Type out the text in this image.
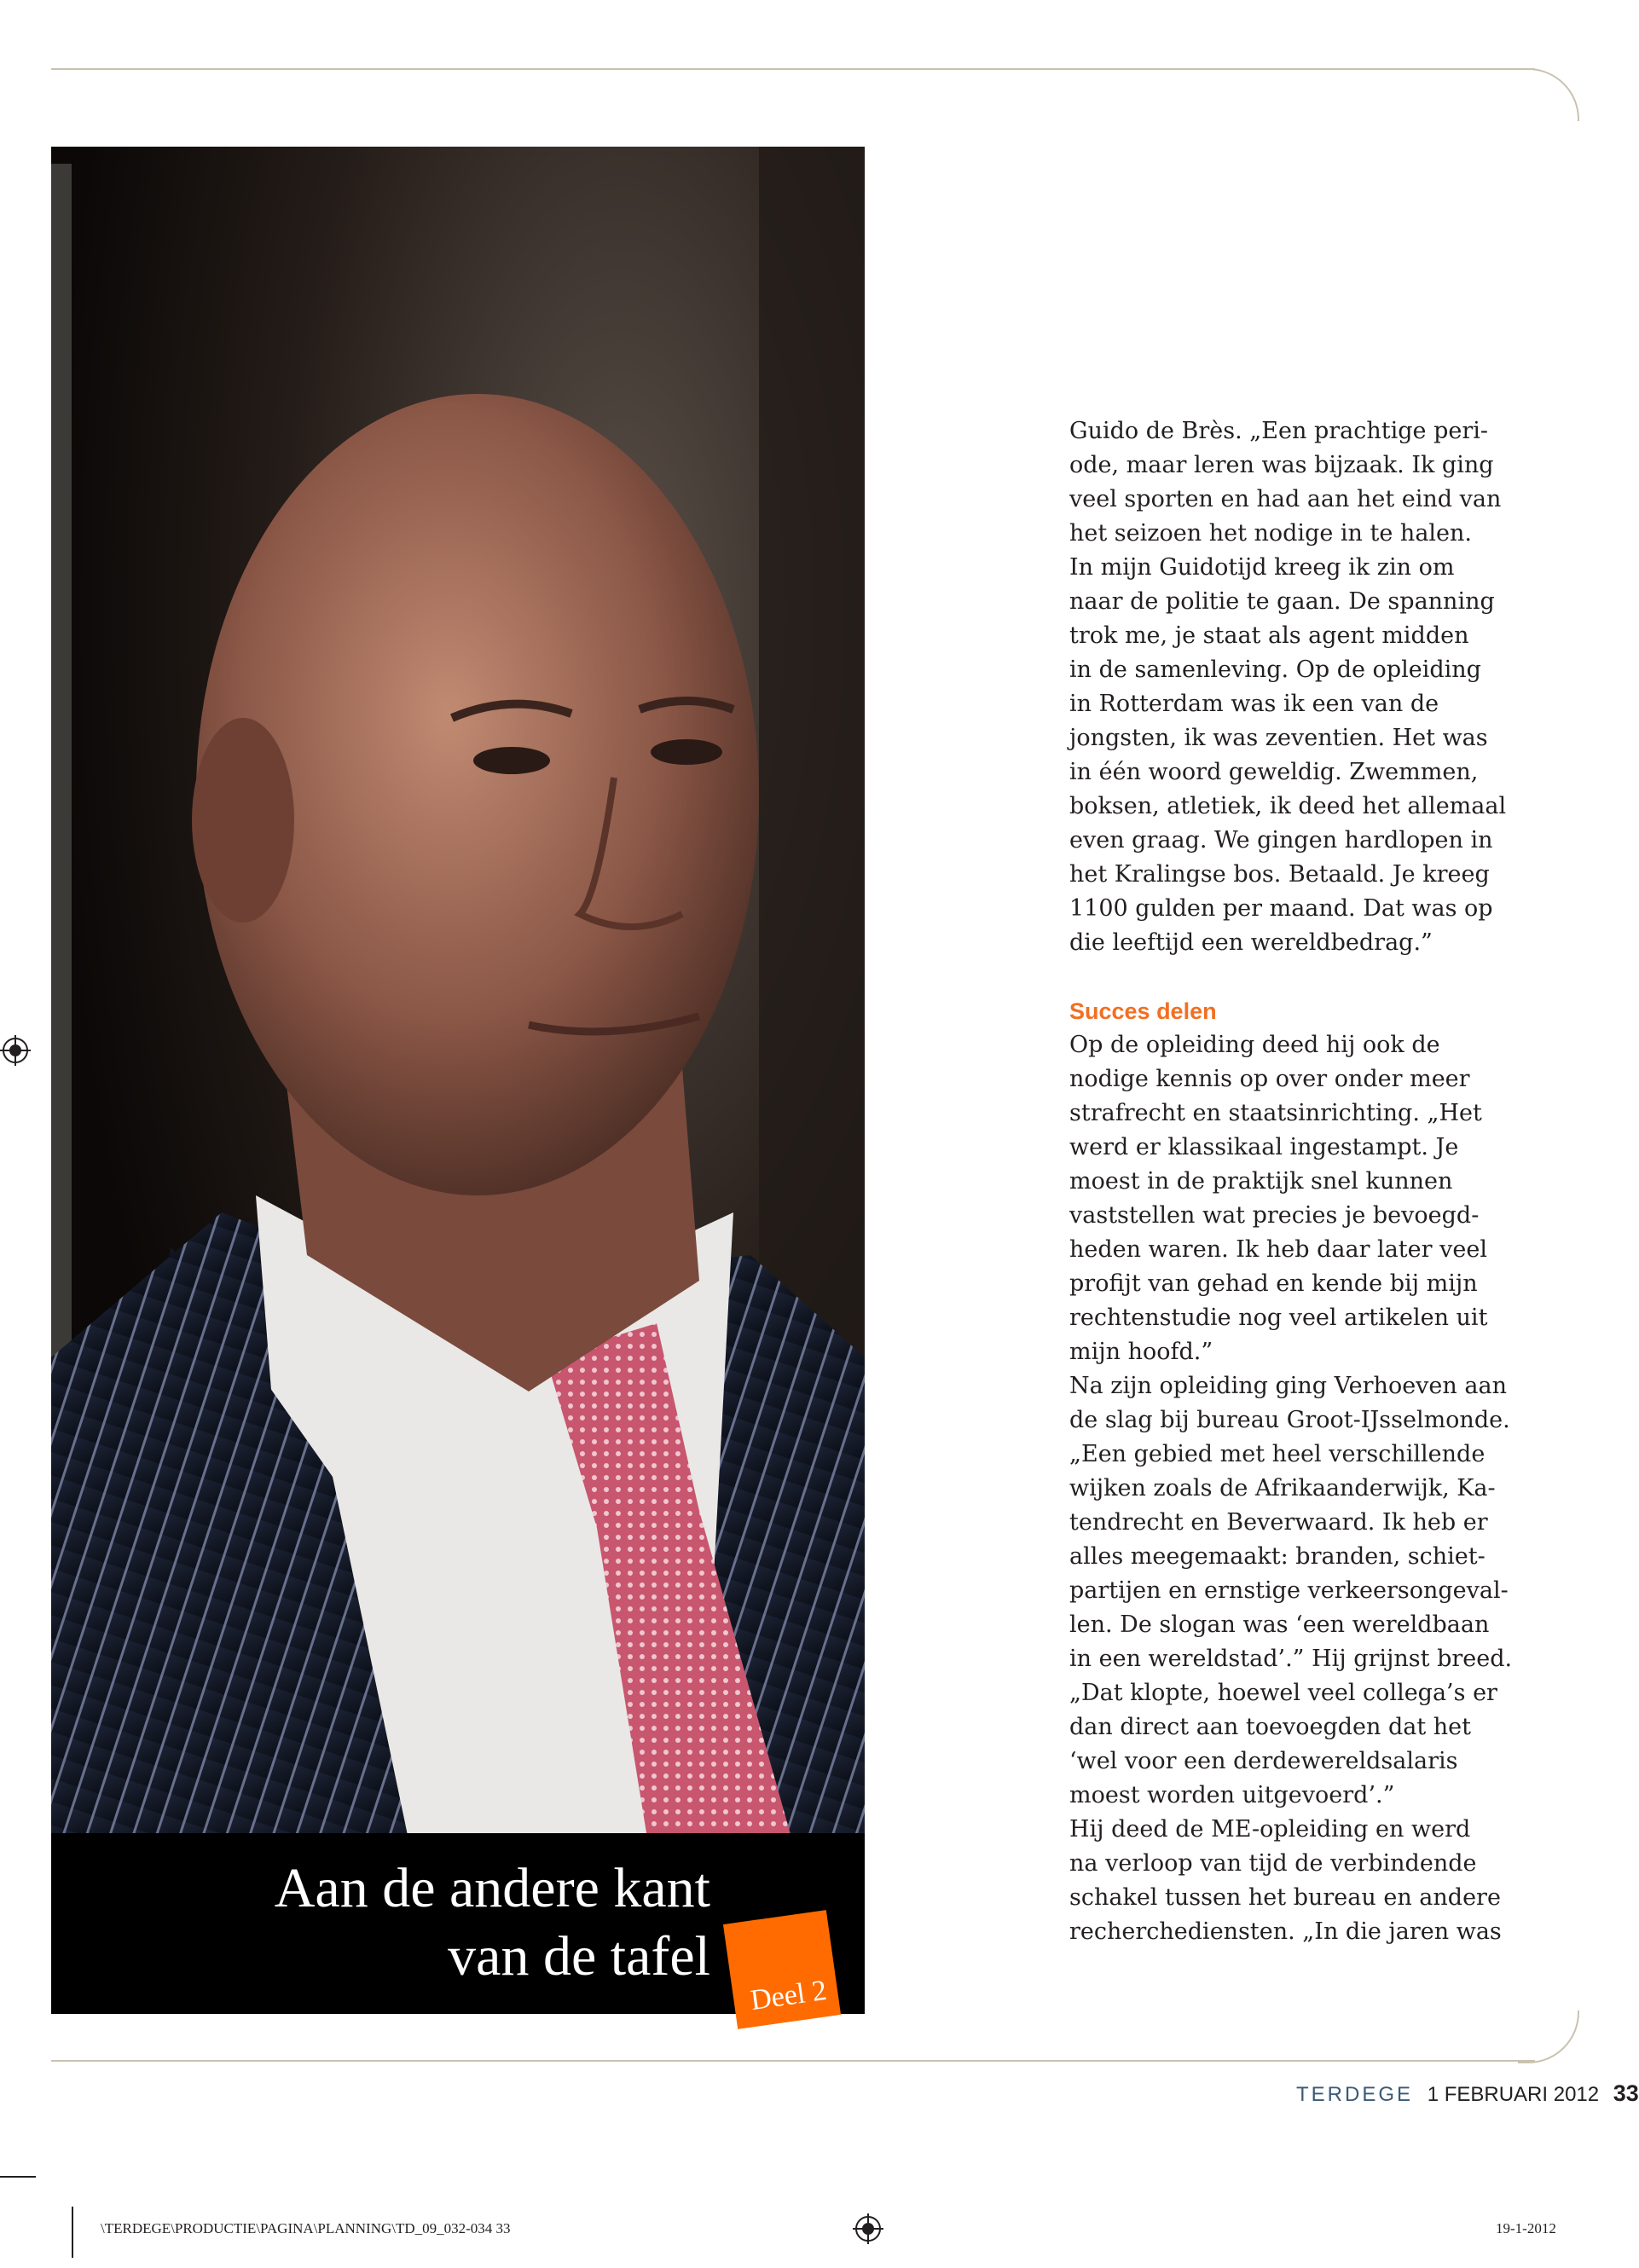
Aan de andere kant
van de tafel
Deel 2

Guido de Brès. „Een prachtige peri-

ode, maar leren was bijzaak. Ik ging

veel sporten en had aan het eind van

het seizoen het nodige in te halen.

In mijn Guidotijd kreeg ik zin om

naar de politie te gaan. De spanning

trok me, je staat als agent midden

in de samenleving. Op de opleiding

in Rotterdam was ik een van de

jongsten, ik was zeventien. Het was

in één woord geweldig. Zwemmen,

boksen, atletiek, ik deed het allemaal

even graag. We gingen hardlopen in

het Kralingse bos. Betaald. Je kreeg

1100 gulden per maand. Dat was op

die leeftijd een wereldbedrag.”

Succes delen

Op de opleiding deed hij ook de

nodige kennis op over onder meer

strafrecht en staatsinrichting. „Het

werd er klassikaal ingestampt. Je

moest in de praktijk snel kunnen

vaststellen wat precies je bevoegd-

heden waren. Ik heb daar later veel

profijt van gehad en kende bij mijn

rechtenstudie nog veel artikelen uit

mijn hoofd.”

Na zijn opleiding ging Verhoeven aan

de slag bij bureau Groot-IJsselmonde.

„Een gebied met heel verschillende

wijken zoals de Afrikaanderwijk, Ka-

tendrecht en Beverwaard. Ik heb er

alles meegemaakt: branden, schiet-

partijen en ernstige verkeersongeval-

len. De slogan was ‘een wereldbaan

in een wereldstad’.” Hij grijnst breed.

„Dat klopte, hoewel veel collega’s er

dan direct aan toevoegden dat het

‘wel voor een derdewereldsalaris

moest worden uitgevoerd’.”

Hij deed de ME-opleiding en werd

na verloop van tijd de verbindende

schakel tussen het bureau en andere

recherchediensten. „In die jaren was

TERDEGE 1 FEBRUARI 2012 33
\TERDEGE\PRODUCTIE\PAGINA\PLANNING\TD_09_032-034 33	19-1-2012
